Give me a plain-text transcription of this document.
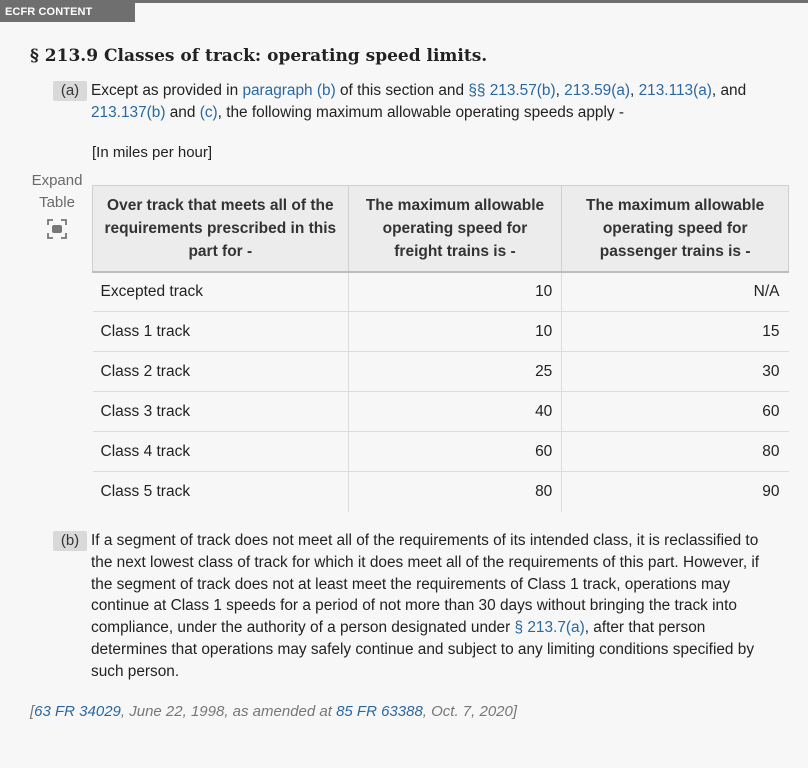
ECFR CONTENT
§ 213.9 Classes of track: operating speed limits.
(a) Except as provided in paragraph (b) of this section and §§ 213.57(b), 213.59(a), 213.113(a), and 213.137(b) and (c), the following maximum allowable operating speeds apply -
[In miles per hour]
Expand
Table	Over track that meets all of the requirements prescribed in this part for -	The maximum allowable operating speed for freight trains is -	The maximum allowable operating speed for passenger trains is -
Excepted track	10	N/A
Class 1 track	10	15
Class 2 track	25	30
Class 3 track	40	60
Class 4 track	60	80
Class 5 track	80	90
(b) If a segment of track does not meet all of the requirements of its intended class, it is reclassified to the next lowest class of track for which it does meet all of the requirements of this part. However, if the segment of track does not at least meet the requirements of Class 1 track, operations may continue at Class 1 speeds for a period of not more than 30 days without bringing the track into compliance, under the authority of a person designated under § 213.7(a), after that person determines that operations may safely continue and subject to any limiting conditions specified by such person.
[63 FR 34029, June 22, 1998, as amended at 85 FR 63388, Oct. 7, 2020]
